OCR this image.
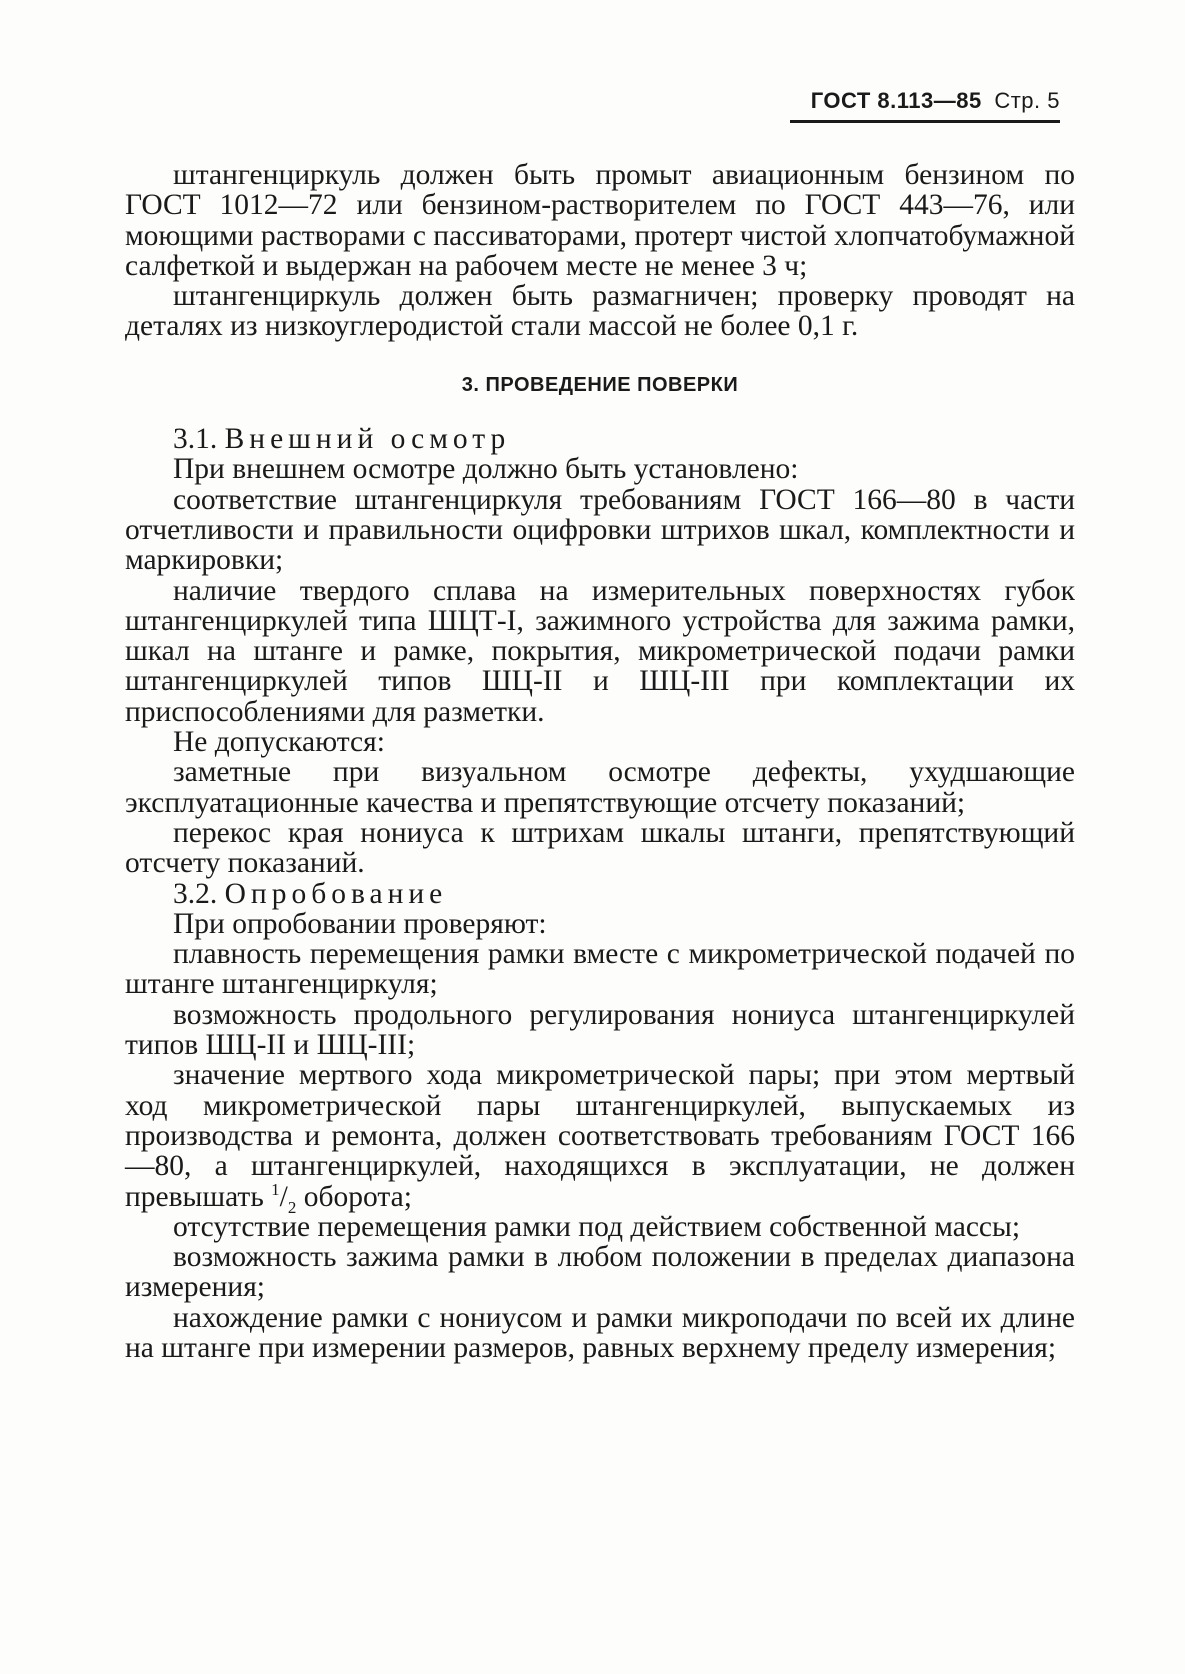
ГОСТ 8.113—85 Стр. 5

штангенциркуль должен быть промыт авиационным бензином по ГОСТ 1012—72 или бензином-растворителем по ГОСТ 443—76, или моющими растворами с пассиваторами, протерт чистой хлопчатобумажной салфеткой и выдержан на рабочем месте не менее 3 ч;

штангенциркуль должен быть размагничен; проверку проводят на деталях из низкоуглеродистой стали массой не более 0,1 г.

3. ПРОВЕДЕНИЕ ПОВЕРКИ

3.1. Внешний осмотр

При внешнем осмотре должно быть установлено:

соответствие штангенциркуля требованиям ГОСТ 166—80 в части отчетливости и правильности оцифровки штрихов шкал, комплектности и маркировки;

наличие твердого сплава на измерительных поверхностях губок штангенциркулей типа ШЦТ-I, зажимного устройства для зажима рамки, шкал на штанге и рамке, покрытия, микрометрической подачи рамки штангенциркулей типов ШЦ-II и ШЦ-III при комплектации их приспособлениями для разметки.

Не допускаются:

заметные при визуальном осмотре дефекты, ухудшающие эксплуатационные качества и препятствующие отсчету показаний;

перекос края нониуса к штрихам шкалы штанги, препятствующий отсчету показаний.

3.2. Опробование

При опробовании проверяют:

плавность перемещения рамки вместе с микрометрической подачей по штанге штангенциркуля;

возможность продольного регулирования нониуса штангенциркулей типов ШЦ-II и ШЦ-III;

значение мертвого хода микрометрической пары; при этом мертвый ход микрометрической пары штангенциркулей, выпускаемых из производства и ремонта, должен соответствовать требованиям ГОСТ 166—80, а штангенциркулей, находящихся в эксплуатации, не должен превышать $^1/_2$ оборота;

отсутствие перемещения рамки под действием собственной массы;

возможность зажима рамки в любом положении в пределах диапазона измерения;

нахождение рамки с нониусом и рамки микроподачи по всей их длине на штанге при измерении размеров, равных верхнему пределу измерения;
